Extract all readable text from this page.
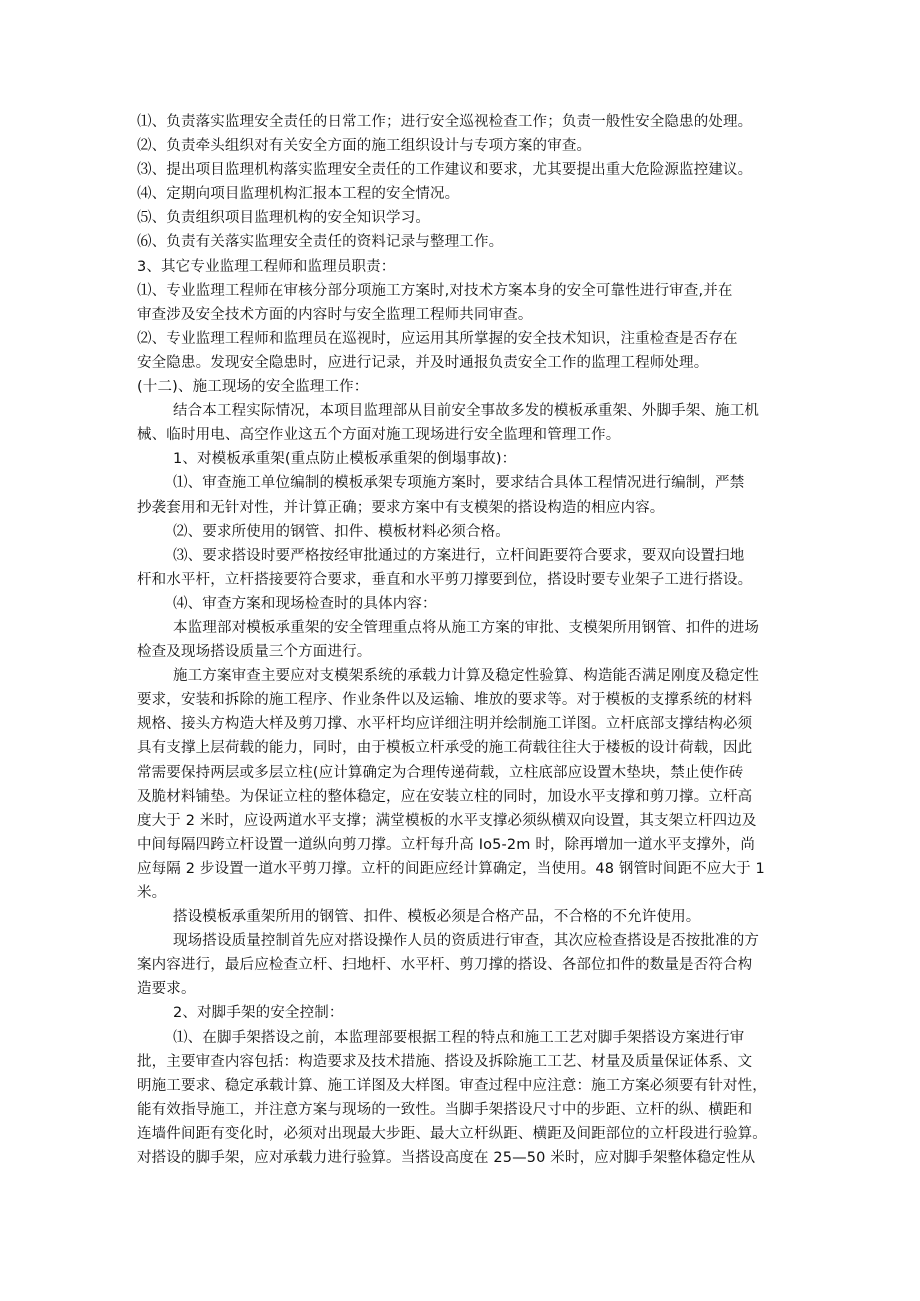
⑴、负责落实监理安全责任的日常工作；进行安全巡视检查工作；负责一般性安全隐患的处理。

⑵、负责牵头组织对有关安全方面的施工组织设计与专项方案的审查。

⑶、提出项目监理机构落实监理安全责任的工作建议和要求，尤其要提出重大危险源监控建议。

⑷、定期向项目监理机构汇报本工程的安全情况。

⑸、负责组织项目监理机构的安全知识学习。

⑹、负责有关落实监理安全责任的资料记录与整理工作。

3、其它专业监理工程师和监理员职责：

⑴、专业监理工程师在审核分部分项施工方案时,对技术方案本身的安全可靠性进行审查,并在

审查涉及安全技术方面的内容时与安全监理工程师共同审查。

⑵、专业监理工程师和监理员在巡视时，应运用其所掌握的安全技术知识，注重检查是否存在

安全隐患。发现安全隐患时，应进行记录，并及时通报负责安全工作的监理工程师处理。

(十二)、施工现场的安全监理工作：

结合本工程实际情况，本项目监理部从目前安全事故多发的模板承重架、外脚手架、施工机

械、临时用电、高空作业这五个方面对施工现场进行安全监理和管理工作。

1、对模板承重架(重点防止模板承重架的倒塌事故)：

⑴、审查施工单位编制的模板承架专项施方案时，要求结合具体工程情况进行编制，严禁

抄袭套用和无针对性，并计算正确；要求方案中有支模架的搭设构造的相应内容。

⑵、要求所使用的钢管、扣件、模板材料必须合格。

⑶、要求搭设时要严格按经审批通过的方案进行，立杆间距要符合要求，要双向设置扫地

杆和水平杆，立杆搭接要符合要求，垂直和水平剪刀撑要到位，搭设时要专业架子工进行搭设。

⑷、审查方案和现场检查时的具体内容：

本监理部对模板承重架的安全管理重点将从施工方案的审批、支模架所用钢管、扣件的进场

检查及现场搭设质量三个方面进行。

施工方案审查主要应对支模架系统的承载力计算及稳定性验算、构造能否满足刚度及稳定性

要求，安装和拆除的施工程序、作业条件以及运输、堆放的要求等。对于模板的支撑系统的材料

规格、接头方构造大样及剪刀撑、水平杆均应详细注明并绘制施工详图。立杆底部支撑结构必须

具有支撑上层荷载的能力，同时，由于模板立杆承受的施工荷载往往大于楼板的设计荷载，因此

常需要保持两层或多层立柱(应计算确定为合理传递荷载，立柱底部应设置木垫块，禁止使作砖

及脆材料铺垫。为保证立柱的整体稳定，应在安装立柱的同时，加设水平支撑和剪刀撑。立杆高

度大于 2 米时，应设两道水平支撑；满堂模板的水平支撑必须纵横双向设置，其支架立杆四边及

中间每隔四跨立杆设置一道纵向剪刀撑。立杆每升高 Io5-2m 时，除再增加一道水平支撑外，尚

应每隔 2 步设置一道水平剪刀撑。立杆的间距应经计算确定，当使用。48 钢管时间距不应大于 1

米。

搭设模板承重架所用的钢管、扣件、模板必须是合格产品，不合格的不允许使用。

现场搭设质量控制首先应对搭设操作人员的资质进行审查，其次应检查搭设是否按批准的方

案内容进行，最后应检查立杆、扫地杆、水平杆、剪刀撑的搭设、各部位扣件的数量是否符合构

造要求。

2、对脚手架的安全控制：

⑴、在脚手架搭设之前，本监理部要根据工程的特点和施工工艺对脚手架搭设方案进行审

批，主要审查内容包括：构造要求及技术措施、搭设及拆除施工工艺、材量及质量保证体系、文

明施工要求、稳定承载计算、施工详图及大样图。审查过程中应注意：施工方案必须要有针对性，

能有效指导施工，并注意方案与现场的一致性。当脚手架搭设尺寸中的步距、立杆的纵、横距和

连墙件间距有变化时，必须对出现最大步距、最大立杆纵距、横距及间距部位的立杆段进行验算。

对搭设的脚手架，应对承载力进行验算。当搭设高度在 25—50 米时，应对脚手架整体稳定性从
